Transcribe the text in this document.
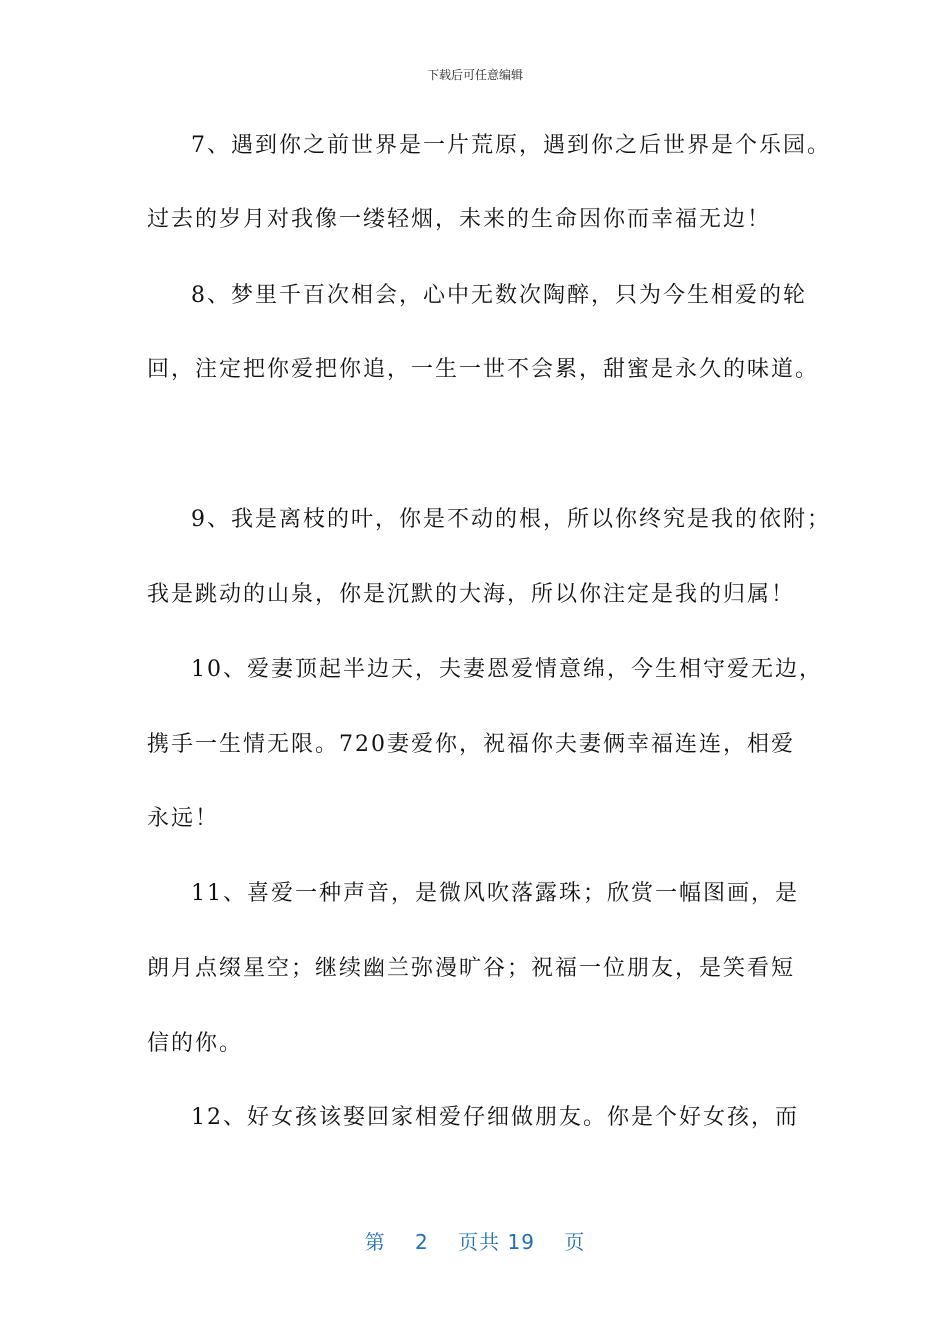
下载后可任意编辑
7、遇到你之前世界是一片荒原，遇到你之后世界是个乐园。
过去的岁月对我像一缕轻烟，未来的生命因你而幸福无边！
8、梦里千百次相会，心中无数次陶醉，只为今生相爱的轮
回，注定把你爱把你追，一生一世不会累，甜蜜是永久的味道。
9、我是离枝的叶，你是不动的根，所以你终究是我的依附；
我是跳动的山泉，你是沉默的大海，所以你注定是我的归属！
10、爱妻顶起半边天，夫妻恩爱情意绵，今生相守爱无边，
携手一生情无限。720妻爱你，祝福你夫妻俩幸福连连，相爱
永远！
11、喜爱一种声音，是微风吹落露珠；欣赏一幅图画，是
朗月点缀星空；继续幽兰弥漫旷谷；祝福一位朋友，是笑看短
信的你。
12、好女孩该娶回家相爱仔细做朋友。你是个好女孩，而
第 2 页共 19 页
